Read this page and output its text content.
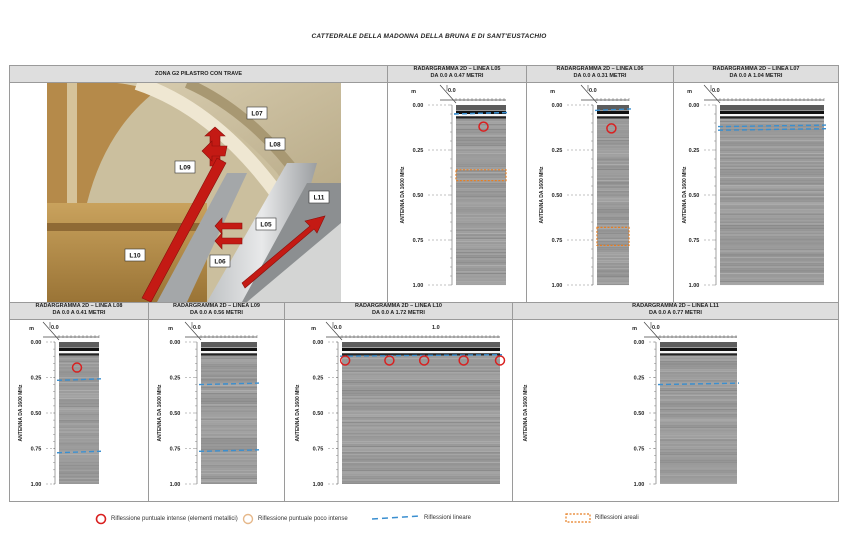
CATTEDRALE DELLA MADONNA DELLA BRUNA E DI SANT'EUSTACHIO
ZONA G2 PILASTRO CON TRAVE
RADARGRAMMA 2D – LINEA L05
DA 0.0 A 0.47 METRI
RADARGRAMMA 2D – LINEA L06
DA 0.0 A 0.31 METRI
RADARGRAMMA 2D – LINEA L07
DA 0.0 A 1.04 METRI
RADARGRAMMA 2D – LINEA L08
DA 0.0 A 0.41 METRI
RADARGRAMMA 2D – LINEA L09
DA 0.0 A 0.56 METRI
RADARGRAMMA 2D – LINEA L10
DA 0.0 A 1.72 METRI
RADARGRAMMA 2D – LINEA L11
DA 0.0 A 0.77 METRI
L07
L08
L09
L10
L05
L06
L11	ANTENNA DA 1600 MHz
m	0.0
0.00
0.25
0.50
0.75
1.00
ANTENNA DA 1600 MHz
m	0.0
0.00
0.25
0.50
0.75
1.00
ANTENNA DA 1600 MHz
m	0.0
0.00
0.25
0.50
0.75
1.00
ANTENNA DA 1600 MHz
m	0.0
0.00
0.25
0.50
0.75
1.00
ANTENNA DA 1600 MHz
m	0.0
0.00
0.25
0.50
0.75
1.00
ANTENNA DA 1600 MHz
m	0.0	1.0
0.00
0.25
0.50
0.75
1.00
ANTENNA DA 1600 MHz
m	0.0
0.00
0.25
0.50
0.75
1.00
Riflessione puntuale intense (elementi metallici)	Riflessione puntuale poco intense	Riflessioni lineare	Riflessioni areali
